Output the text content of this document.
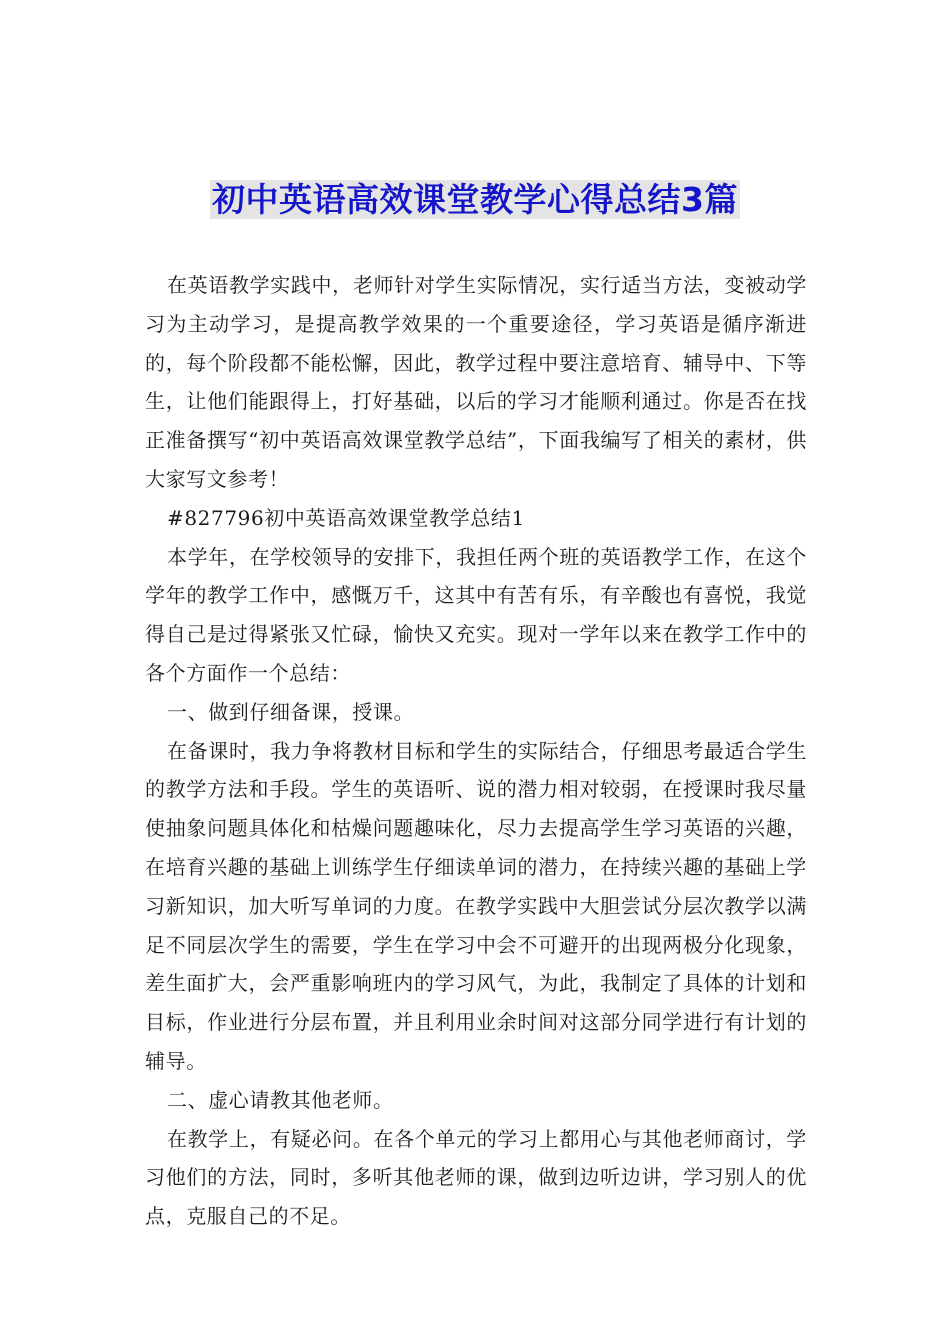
初中英语高效课堂教学心得总结3篇

在英语教学实践中，老师针对学生实际情况，实行适当方法，变被动学习为主动学习，是提高教学效果的一个重要途径，学习英语是循序渐进的，每个阶段都不能松懈，因此，教学过程中要注意培育、辅导中、下等生，让他们能跟得上，打好基础，以后的学习才能顺利通过。你是否在找正准备撰写“初中英语高效课堂教学总结”，下面我编写了相关的素材，供大家写文参考！

#827796初中英语高效课堂教学总结1

本学年，在学校领导的安排下，我担任两个班的英语教学工作，在这个学年的教学工作中，感慨万千，这其中有苦有乐，有辛酸也有喜悦，我觉得自己是过得紧张又忙碌，愉快又充实。现对一学年以来在教学工作中的各个方面作一个总结：

一、做到仔细备课，授课。

在备课时，我力争将教材目标和学生的实际结合，仔细思考最适合学生的教学方法和手段。学生的英语听、说的潜力相对较弱，在授课时我尽量使抽象问题具体化和枯燥问题趣味化，尽力去提高学生学习英语的兴趣，在培育兴趣的基础上训练学生仔细读单词的潜力，在持续兴趣的基础上学习新知识，加大听写单词的力度。在教学实践中大胆尝试分层次教学以满足不同层次学生的需要，学生在学习中会不可避开的出现两极分化现象，差生面扩大，会严重影响班内的学习风气，为此，我制定了具体的计划和目标，作业进行分层布置，并且利用业余时间对这部分同学进行有计划的辅导。

二、虚心请教其他老师。

在教学上，有疑必问。在各个单元的学习上都用心与其他老师商讨，学习他们的方法，同时，多听其他老师的课，做到边听边讲，学习别人的优点，克服自己的不足。
